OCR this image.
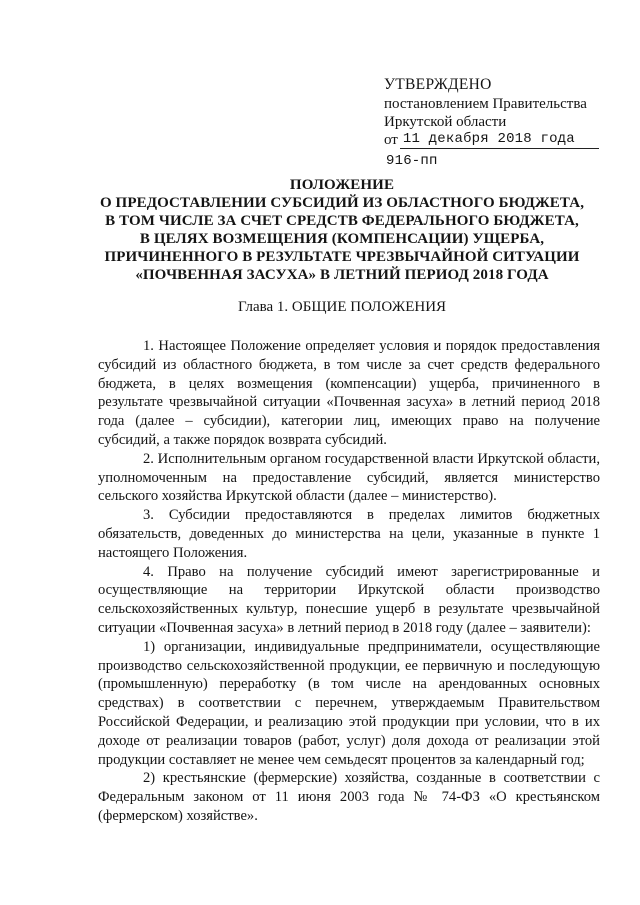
УТВЕРЖДЕНО
постановлением Правительства
Иркутской области
от 11 декабря 2018 года
916-пп
ПОЛОЖЕНИЕ
О ПРЕДОСТАВЛЕНИИ СУБСИДИЙ ИЗ ОБЛАСТНОГО БЮДЖЕТА,
В ТОМ ЧИСЛЕ ЗА СЧЕТ СРЕДСТВ ФЕДЕРАЛЬНОГО БЮДЖЕТА,
В ЦЕЛЯХ ВОЗМЕЩЕНИЯ (КОМПЕНСАЦИИ) УЩЕРБА,
ПРИЧИНЕННОГО В РЕЗУЛЬТАТЕ ЧРЕЗВЫЧАЙНОЙ СИТУАЦИИ
«ПОЧВЕННАЯ ЗАСУХА» В ЛЕТНИЙ ПЕРИОД 2018 ГОДА
Глава 1. ОБЩИЕ ПОЛОЖЕНИЯ

1. Настоящее Положение определяет условия и порядок предоставления субсидий из областного бюджета, в том числе за счет средств федерального бюджета, в целях возмещения (компенсации) ущерба, причиненного в результате чрезвычайной ситуации «Почвенная засуха» в летний период 2018 года (далее – субсидии), категории лиц, имеющих право на получение субсидий, а также порядок возврата субсидий.

2. Исполнительным органом государственной власти Иркутской области, уполномоченным на предоставление субсидий, является министерство сельского хозяйства Иркутской области (далее – министерство).

3. Субсидии предоставляются в пределах лимитов бюджетных обязательств, доведенных до министерства на цели, указанные в пункте 1 настоящего Положения.

4. Право на получение субсидий имеют зарегистрированные и осуществляющие на территории Иркутской области производство сельскохозяйственных культур, понесшие ущерб в результате чрезвычайной ситуации «Почвенная засуха» в летний период в 2018 году (далее – заявители):

1) организации, индивидуальные предприниматели, осуществляющие производство сельскохозяйственной продукции, ее первичную и последующую (промышленную) переработку (в том числе на арендованных основных средствах) в соответствии с перечнем, утверждаемым Правительством Российской Федерации, и реализацию этой продукции при условии, что в их доходе от реализации товаров (работ, услуг) доля дохода от реализации этой продукции составляет не менее чем семьдесят процентов за календарный год;

2) крестьянские (фермерские) хозяйства, созданные в соответствии с Федеральным законом от 11 июня 2003 года № 74-ФЗ «О крестьянском (фермерском) хозяйстве».
